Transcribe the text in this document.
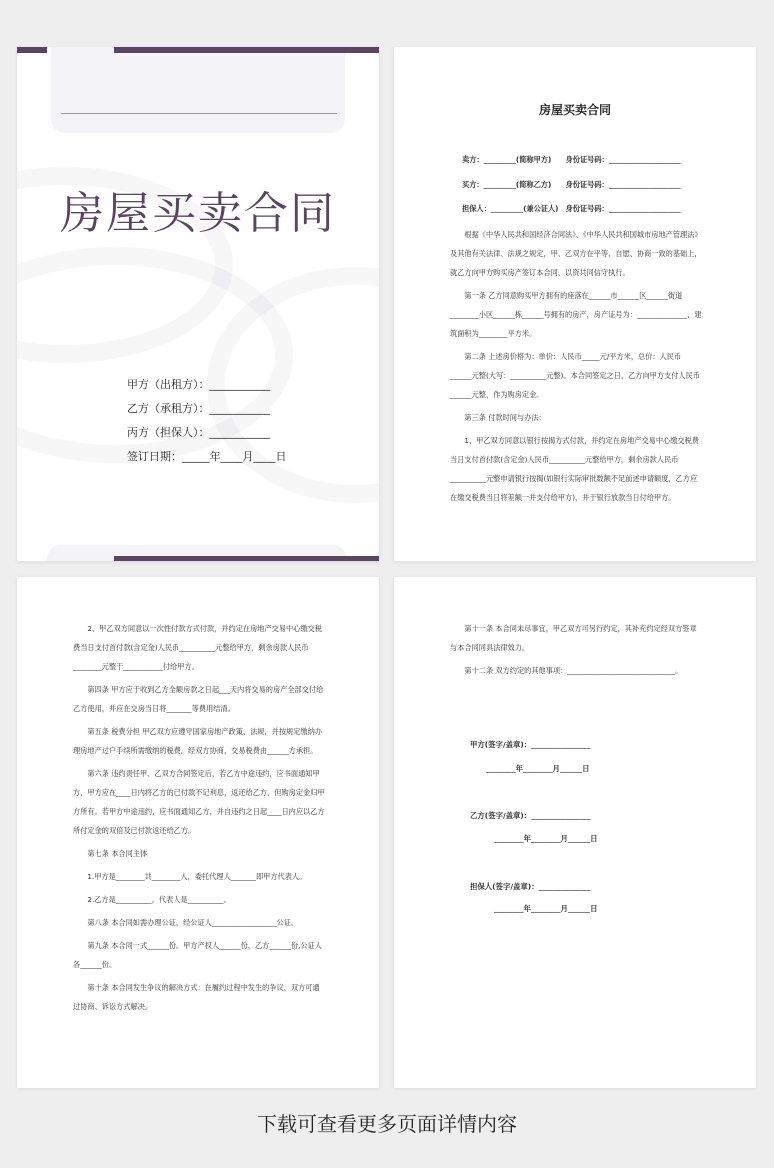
房屋买卖合同
甲方（出租方）：___________
乙方（承租方）：___________
丙方（担保人）：___________
签订日期：_____年____月____日
房屋买卖合同
卖方：_________(简称甲方)　　身份证号码：____________________
买方：_________(简称乙方)　　身份证号码：____________________
担保人：_________(兼公证人)　身份证号码：____________________

根据《中华人民共和国经济合同法》、《中华人民共和国城市房地产管理法》及其他有关法律、法规之规定，甲、乙双方在平等、自愿、协商一致的基础上，就乙方向甲方购买房产签订本合同，以资共同信守执行。

第一条 乙方同意购买甲方拥有的座落在______市______区______街道________小区______栋______号拥有的房产，房产证号为：______________，建筑面积为________平方米。

第二条 上述房价格为：单价：人民币_____元/平方米，总价：人民币______元整(大写：__________元整)。本合同签定之日，乙方向甲方支付人民币______元整，作为购房定金。

第三条 付款时间与办法：

1、甲乙双方同意以银行按揭方式付款，并约定在房地产交易中心缴交税费当日支付首付款(含定金)人民币__________元整给甲方，剩余房款人民币__________元整申请银行按揭(如银行实际审批数额不足前述申请额度，乙方应在缴交税费当日将差额一并支付给甲方)，并于银行放款当日付给甲方。

2、甲乙双方同意以一次性付款方式付款，并约定在房地产交易中心缴交税费当日支付首付款(含定金)人民币__________元整给甲方，剩余房款人民币________元整于___________付给甲方。

第四条 甲方应于收到乙方全额房款之日起___天内将交易的房产全部交付给乙方使用，并应在交房当日将_______等费用结清。

第五条 税费分担 甲乙双方应遵守国家房地产政策、法规，并按规定缴纳办理房地产过户手续所需缴纳的税费。经双方协商，交易税费由______方承担。

第六条 违约责任甲、乙双方合同签定后，若乙方中途违约，应书面通知甲方，甲方应在____日内将乙方的已付款不记利息，返还给乙方，但购房定金归甲方所有。若甲方中途违约，应书面通知乙方，并自违约之日起____日内应以乙方所付定金的双倍及已付款返还给乙方。

第七条 本合同主体

1.甲方是________共________人，委托代理人_______即甲方代表人。

2.乙方是__________，代表人是__________。

第八条 本合同如需办理公证，经公证人__________________公证。

第九条 本合同一式______份。甲方产权人______份，乙方______份,公证人各______份。

第十条 本合同发生争议的解决方式：在履约过程中发生的争议，双方可通过协商、诉讼方式解决。

第十一条 本合同未尽事宜，甲乙双方可另行约定，其补充约定经双方签章与本合同同具法律效力。

第十二条 双方约定的其他事项：______________________________。

甲方(签字/盖章)：________________
________年________月______日
乙方(签字/盖章)：________________
________年________月______日
担保人(签字/盖章)：______________
________年________月______日
下载可查看更多页面详情内容
